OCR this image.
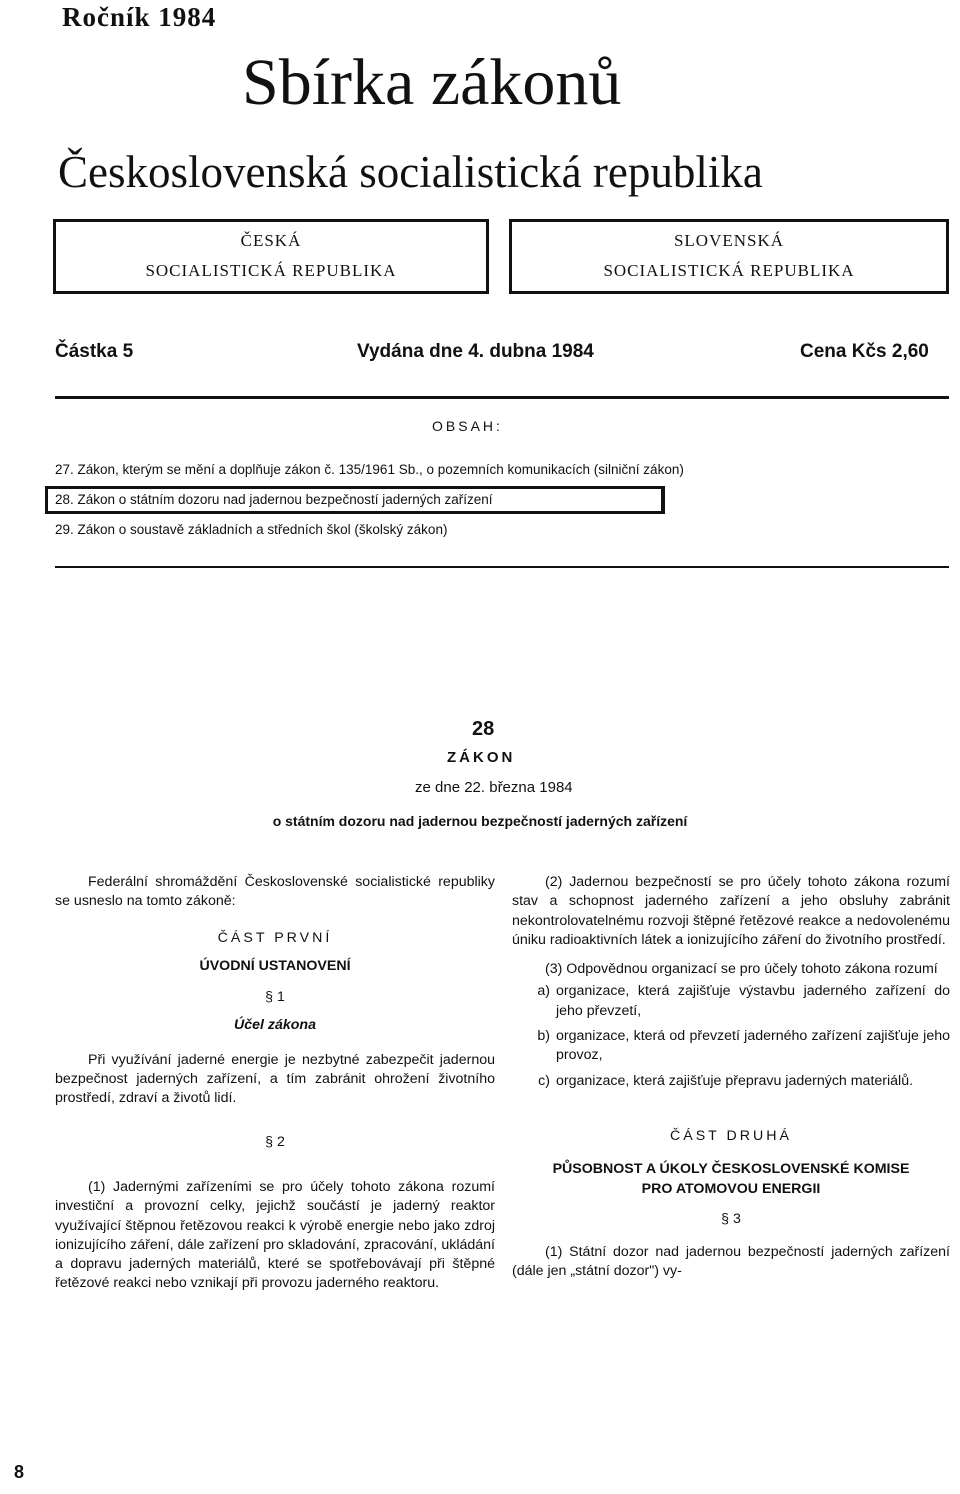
Ročník 1984
Sbírka zákonů
Československá socialistická republika
ČESKÁ
SOCIALISTICKÁ REPUBLIKA
SLOVENSKÁ
SOCIALISTICKÁ REPUBLIKA
Částka 5	Vydána dne 4. dubna 1984	Cena Kčs 2,60
OBSAH:
27. Zákon, kterým se mění a doplňuje zákon č. 135/1961 Sb., o pozemních komunikacích (silniční zákon)
28. Zákon o státním dozoru nad jadernou bezpečností jaderných zařízení
29. Zákon o soustavě základních a středních škol (školský zákon)
28
ZÁKON
ze dne 22. března 1984
o státním dozoru nad jadernou bezpečností jaderných zařízení

Federální shromáždění Československé socialistické republiky se usneslo na tomto zákoně:

ČÁST PRVNÍ

ÚVODNÍ USTANOVENÍ

§ 1

Účel zákona

Při využívání jaderné energie je nezbytné zabezpečit jadernou bezpečnost jaderných zařízení, a tím zabránit ohrožení životního prostředí, zdraví a životů lidí.

§ 2

(1) Jadernými zařízeními se pro účely tohoto zákona rozumí investiční a provozní celky, jejichž součástí je jaderný reaktor využívající štěpnou řetězovou reakci k výrobě energie nebo jako zdroj ionizujícího záření, dále zařízení pro skladování, zpracování, ukládání a dopravu jaderných materiálů, které se spotřebovávají při štěpné řetězové reakci nebo vznikají při provozu jaderného reaktoru.

(2) Jadernou bezpečností se pro účely tohoto zákona rozumí stav a schopnost jaderného zařízení a jeho obsluhy zabránit nekontrolovatelnému rozvoji štěpné řetězové reakce a nedovolenému úniku radioaktivních látek a ionizujícího záření do životního prostředí.

(3) Odpovědnou organizací se pro účely tohoto zákona rozumí

a) organizace, která zajišťuje výstavbu jaderného zařízení do jeho převzetí,
b) organizace, která od převzetí jaderného zařízení zajišťuje jeho provoz,
c) organizace, která zajišťuje přepravu jaderných materiálů.

ČÁST DRUHÁ

PŮSOBNOST A ÚKOLY ČESKOSLOVENSKÉ KOMISE PRO ATOMOVOU ENERGII

§ 3

(1) Státní dozor nad jadernou bezpečností jaderných zařízení (dále jen „státní dozor") vy-

8
